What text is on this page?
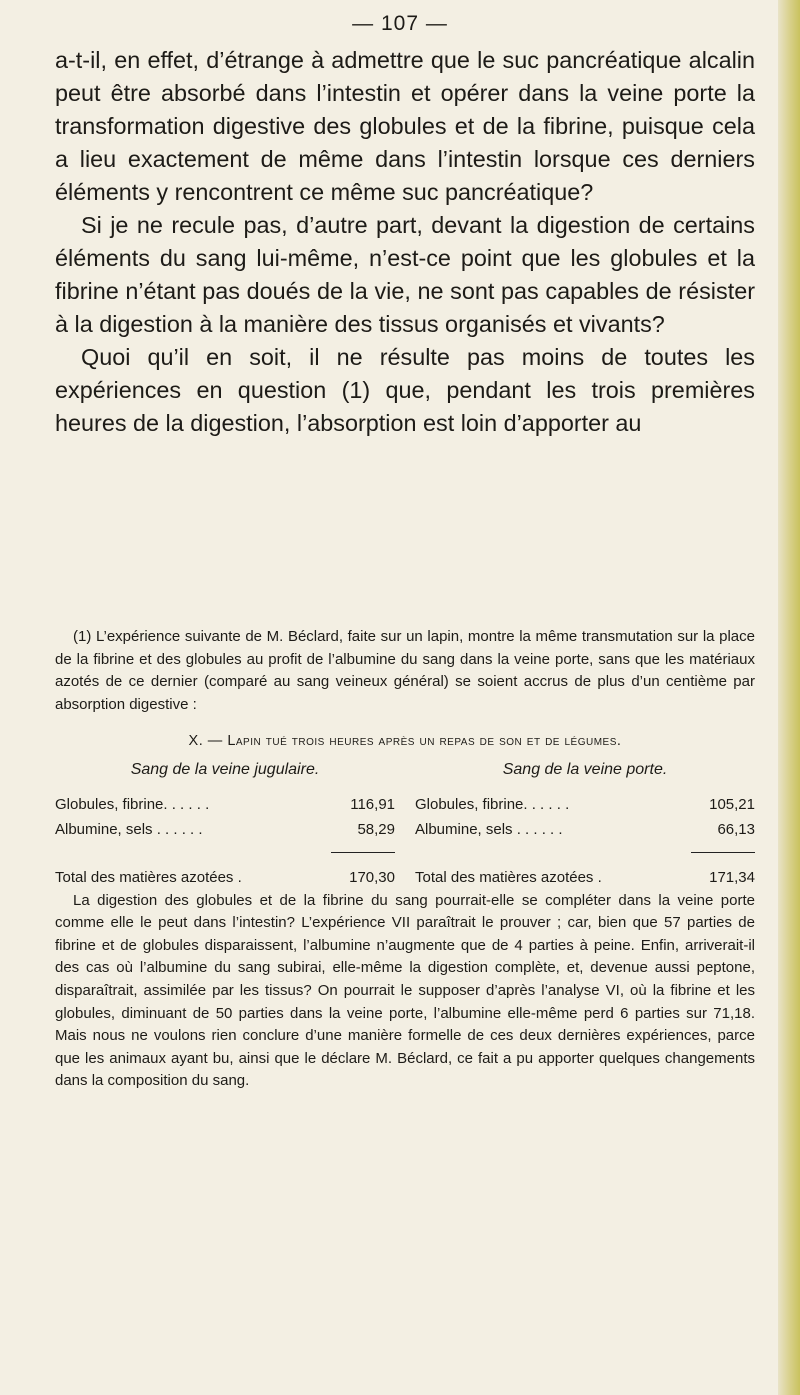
— 107 —

a-t-il, en effet, d’étrange à admettre que le suc pancréatique alcalin peut être absorbé dans l’intestin et opérer dans la veine porte la transformation digestive des globules et de la fibrine, puisque cela a lieu exactement de même dans l’intestin lorsque ces derniers éléments y rencontrent ce même suc pancréatique?

Si je ne recule pas, d’autre part, devant la digestion de certains éléments du sang lui-même, n’est-ce point que les globules et la fibrine n’étant pas doués de la vie, ne sont pas capables de résister à la digestion à la manière des tissus organisés et vivants?

Quoi qu’il en soit, il ne résulte pas moins de toutes les expériences en question (1) que, pendant les trois premières heures de la digestion, l’absorption est loin d’apporter au

(1) L’expérience suivante de M. Béclard, faite sur un lapin, montre la même transmutation sur la place de la fibrine et des globules au profit de l’albumine du sang dans la veine porte, sans que les matériaux azotés de ce dernier (comparé au sang veineux général) se soient accrus de plus d’un centième par absorption digestive :

X. — Lapin tué trois heures après un repas de son et de légumes.
Sang de la veine jugulaire.
Globules, fibrine. . . . . .	116,91
Albumine, sels . . . . . .	58,29
Total des matières azotées .	170,30
Sang de la veine porte.
Globules, fibrine. . . . . .	105,21
Albumine, sels . . . . . .	66,13
Total des matières azotées .	171,34

La digestion des globules et de la fibrine du sang pourrait-elle se compléter dans la veine porte comme elle le peut dans l’intestin? L’expérience VII paraîtrait le prouver ; car, bien que 57 parties de fibrine et de globules disparaissent, l’albumine n’augmente que de 4 parties à peine. Enfin, arriverait-il des cas où l’albumine du sang subirai, elle-même la digestion complète, et, devenue aussi peptone, disparaîtrait, assimilée par les tissus? On pourrait le supposer d’après l’analyse VI, où la fibrine et les globules, diminuant de 50 parties dans la veine porte, l’albumine elle-même perd 6 parties sur 71,18. Mais nous ne voulons rien conclure d’une manière formelle de ces deux dernières expériences, parce que les animaux ayant bu, ainsi que le déclare M. Béclard, ce fait a pu apporter quelques changements dans la composition du sang.
